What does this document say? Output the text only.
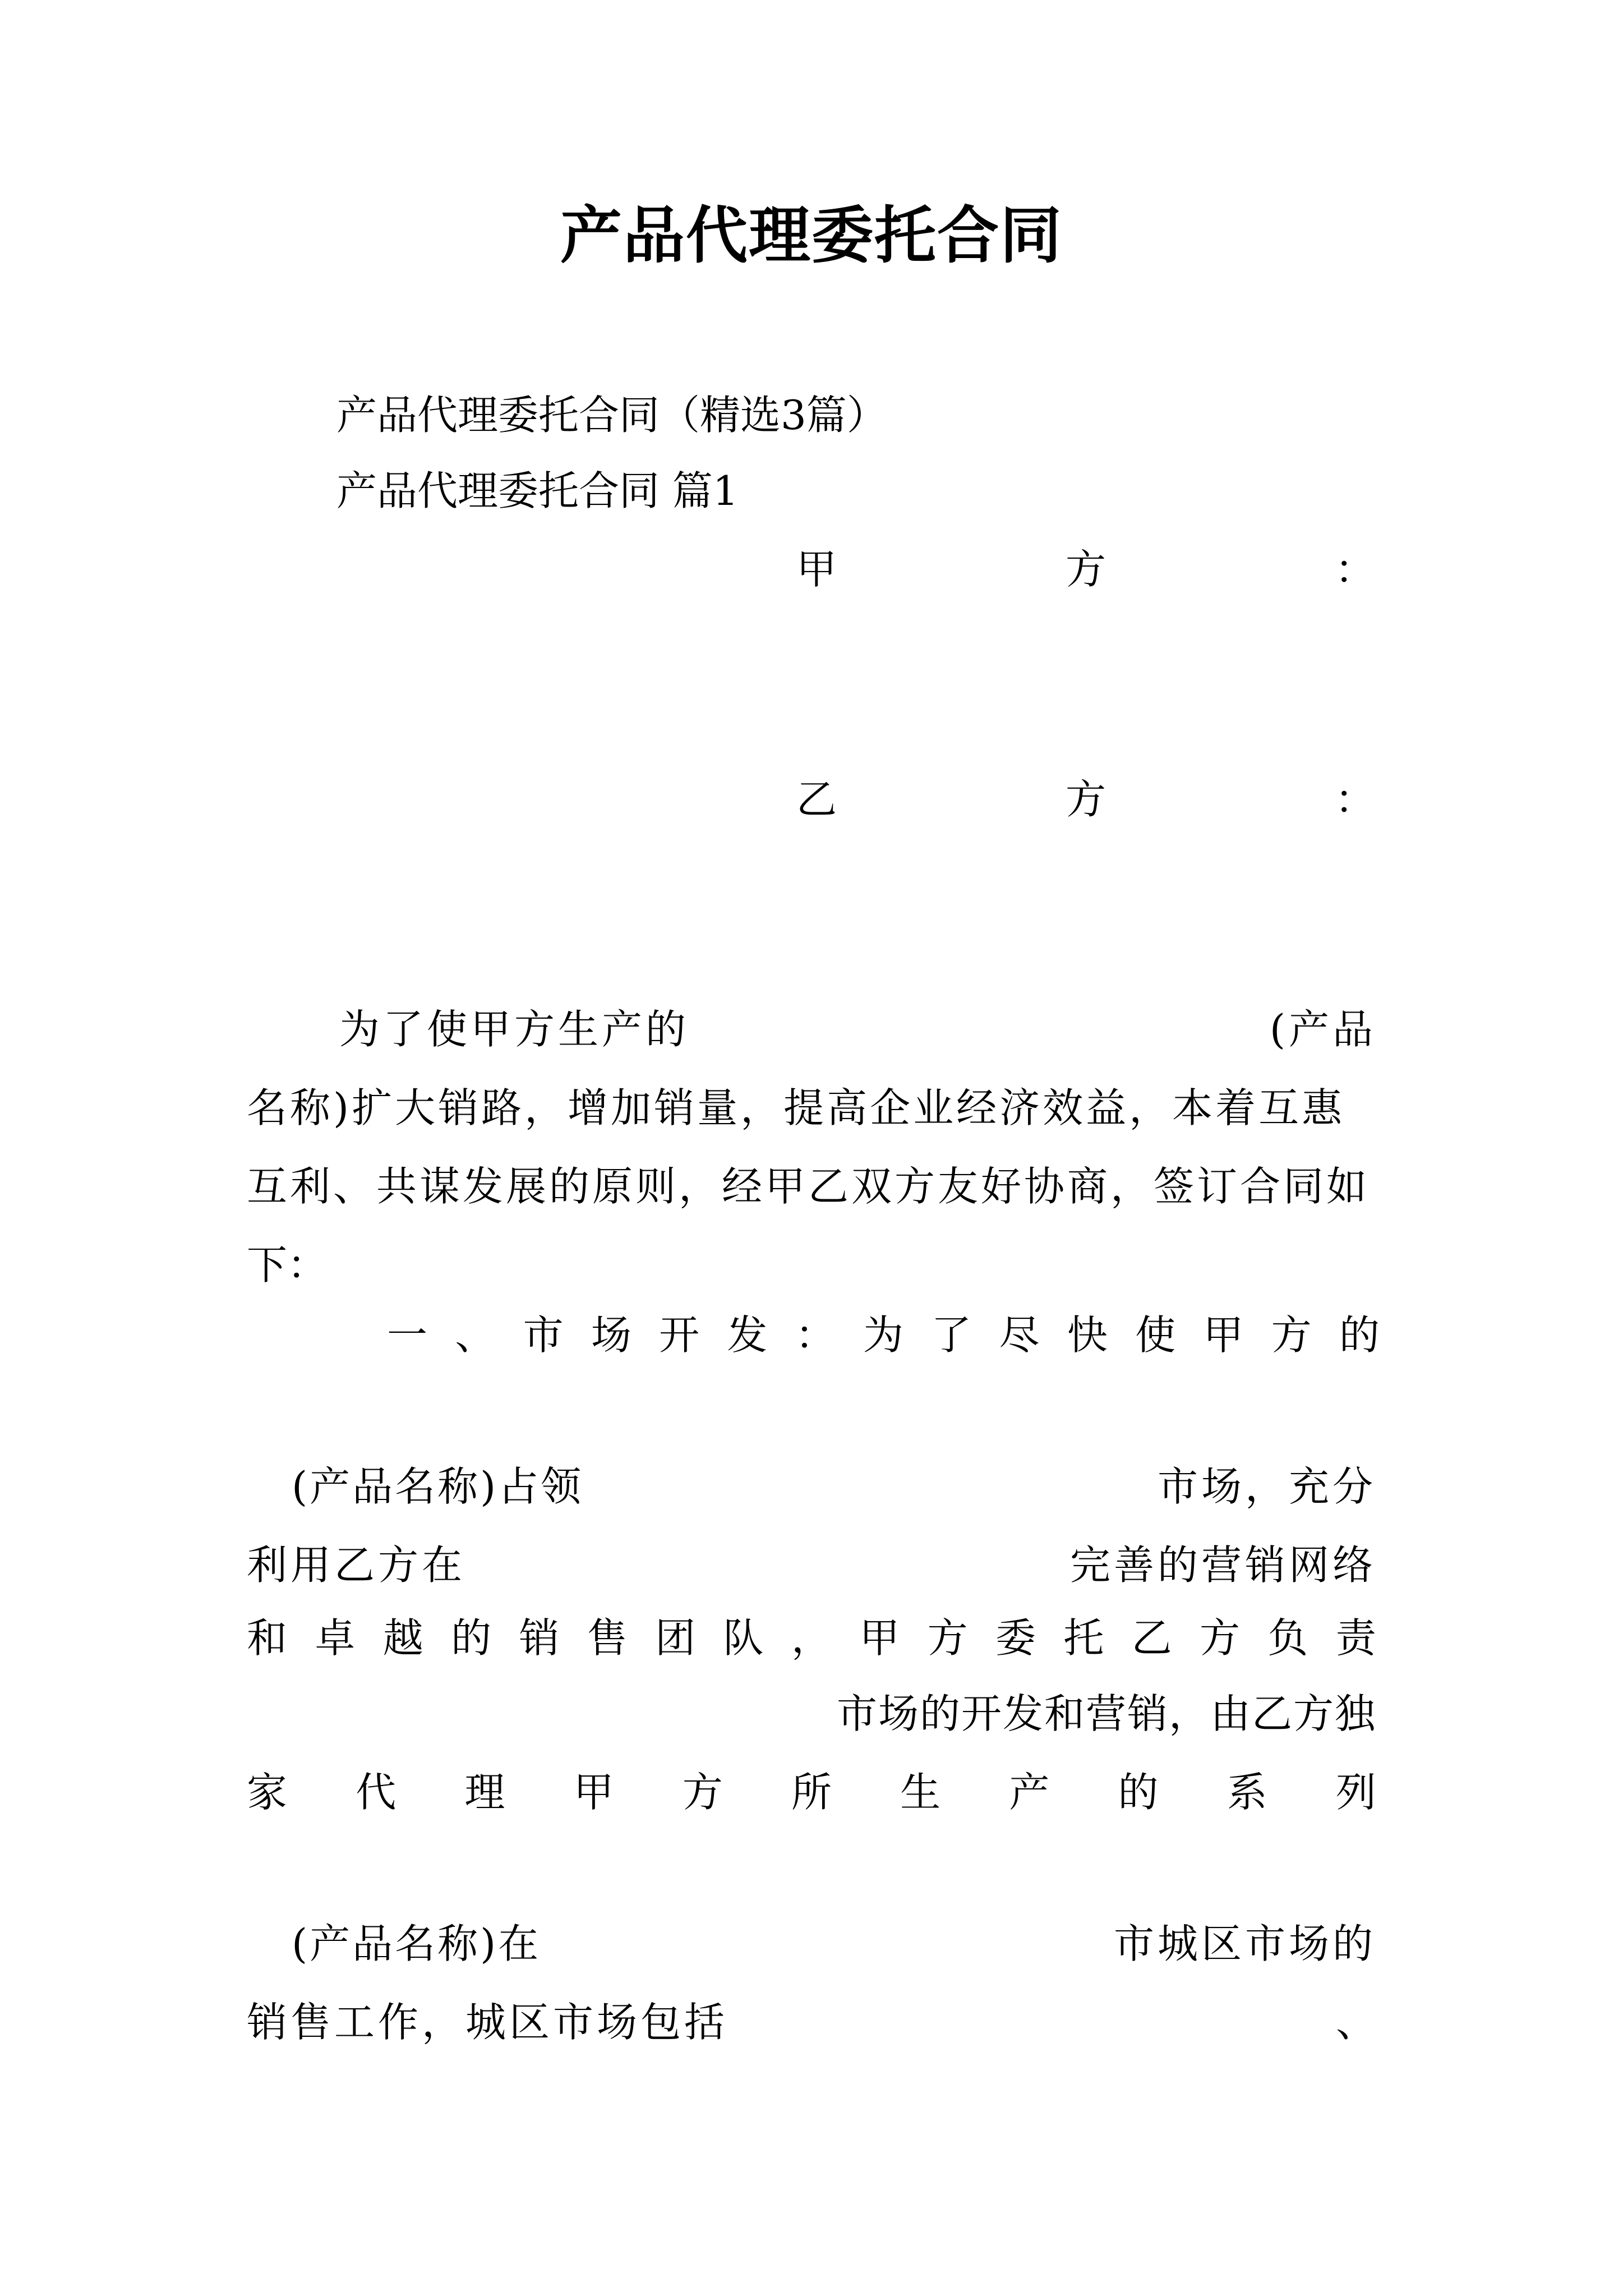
产品代理委托合同
产品代理委托合同（精选3篇）
产品代理委托合同 篇1
甲	方	：
乙	方	：
为了使甲方生产的	(产品
名称)扩大销路，增加销量，提高企业经济效益，本着互惠
互利、共谋发展的原则，经甲乙双方友好协商，签订合同如
下：
一 、 市 场 开 发 ： 为 了 尽 快 使 甲 方 的
(产品名称)占领	市场，充分
利用乙方在	完善的营销网络
和 卓 越 的 销 售 团 队 ， 甲 方 委 托 乙 方 负 责
市场的开发和营销，由乙方独
家 代 理 甲 方 所 生 产 的 系 列
(产品名称)在	市城区市场的
销售工作，城区市场包括	、
